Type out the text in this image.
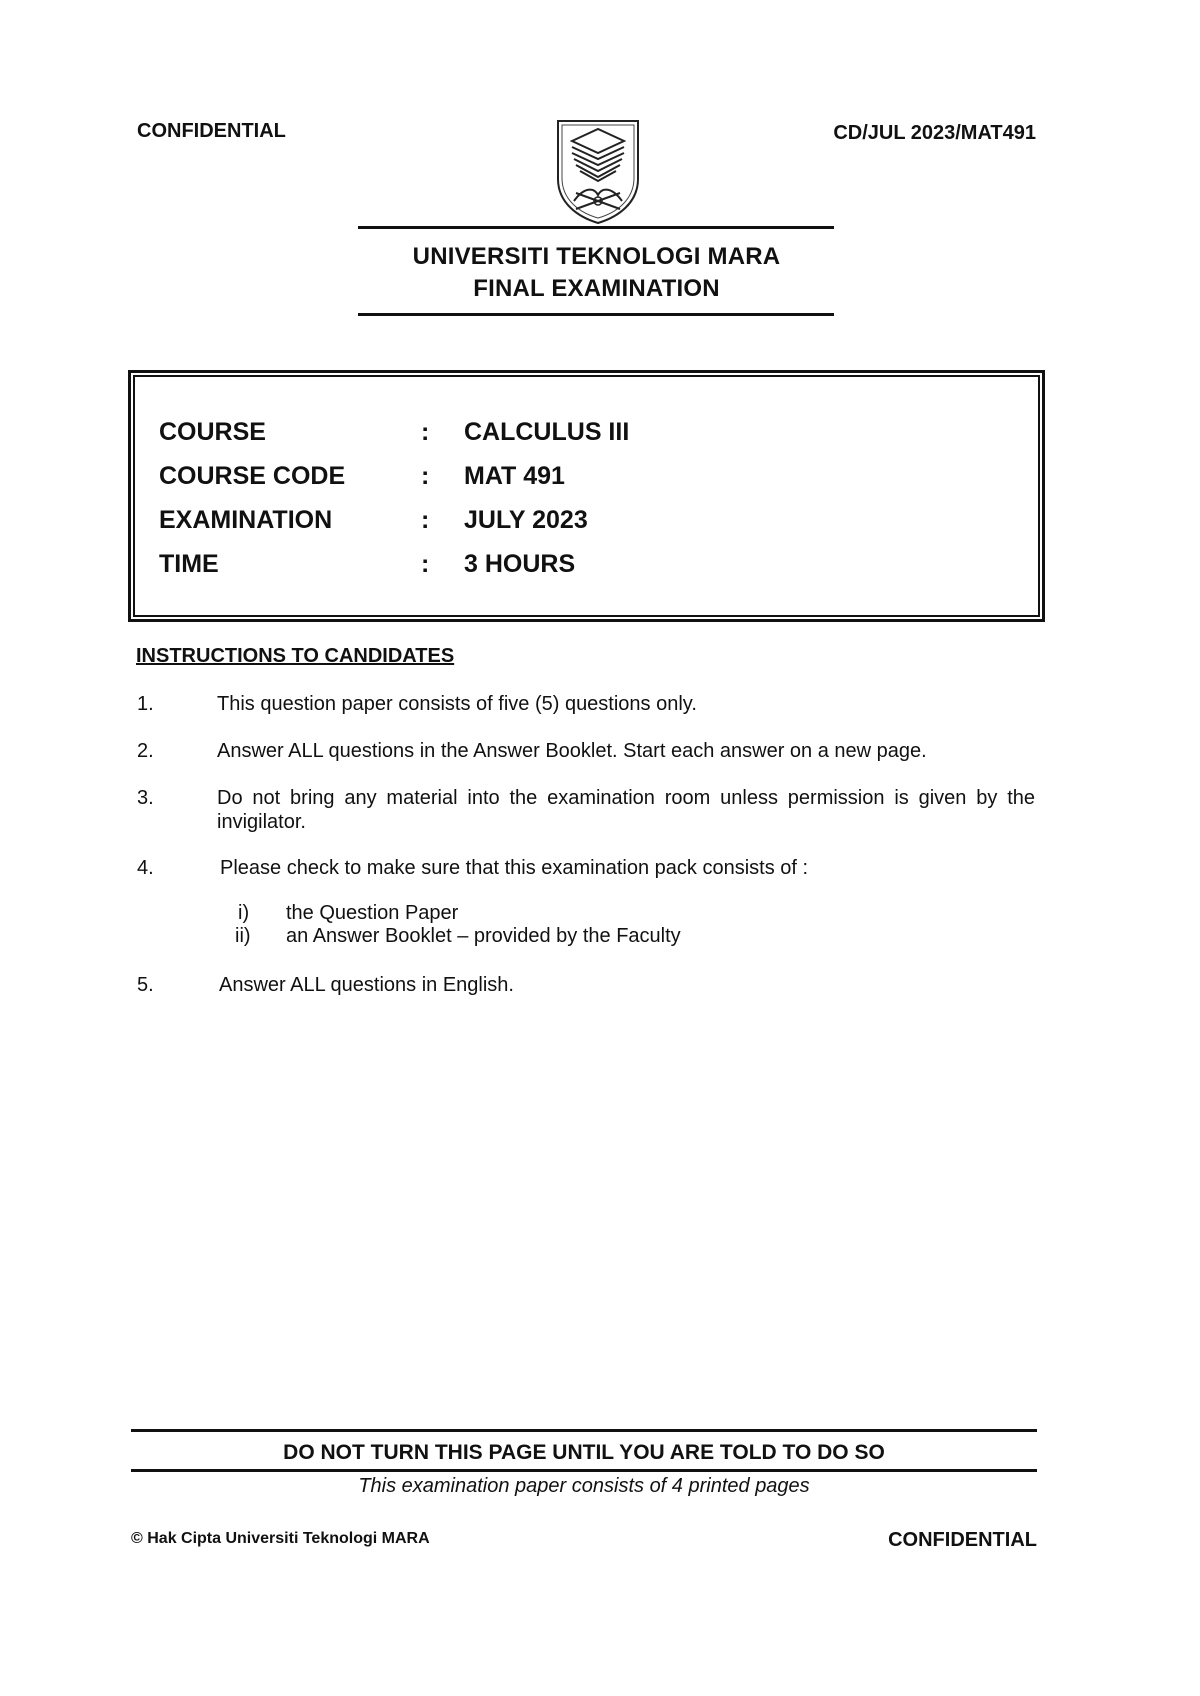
CONFIDENTIAL	CD/JUL 2023/MAT491
UNIVERSITI TEKNOLOGI MARA
FINAL EXAMINATION
COURSE	: CALCULUS III
COURSE CODE	: MAT 491
EXAMINATION	: JULY 2023
TIME	: 3 HOURS
INSTRUCTIONS TO CANDIDATES
1.	This question paper consists of five (5) questions only.
2.	Answer ALL questions in the Answer Booklet. Start each answer on a new page.
3.	Do not bring any material into the examination room unless permission is given by the invigilator.
4.	Please check to make sure that this examination pack consists of :
i) the Question Paper
ii) an Answer Booklet – provided by the Faculty
5.	Answer ALL questions in English.
DO NOT TURN THIS PAGE UNTIL YOU ARE TOLD TO DO SO
This examination paper consists of 4 printed pages
© Hak Cipta Universiti Teknologi MARA	CONFIDENTIAL
